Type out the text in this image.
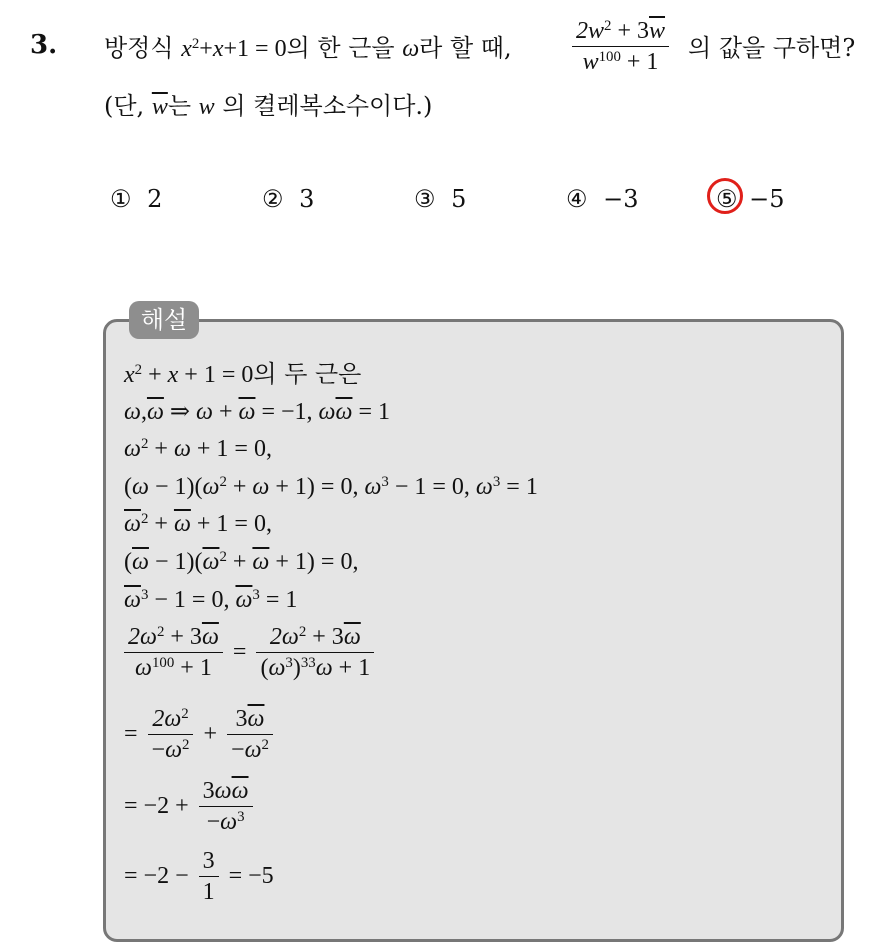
3. 방정식 $x^2+x+1 = 0$의 한 근을 ω라 할 때,	$\frac{2w^2 + 3\overline{w}}{w^{100} + 1}$ 의 값을 구하면?
(단, $\overline{w}$는 w 의 켤레복소수이다.)
① 2	② 3	③ 5	④ −3	⑤ −5
해설
$x^2 + x + 1 = 0$의 두 근은
$\omega,\overline{\omega}$ ⇒ $\omega + \overline{\omega} = -1$, $\omega\overline{\omega} = 1$
$\omega^2 + \omega + 1 = 0$,
$(\omega - 1)(\omega^2 + \omega + 1) = 0$, $\omega^3 - 1 = 0$, $\omega^3 = 1$
$\overline{\omega}^2 + \overline{\omega} + 1 = 0$,
$(\overline{\omega} - 1)(\overline{\omega}^2 + \overline{\omega} + 1) = 0$,
$\overline{\omega}^3 - 1 = 0$, $\overline{\omega}^3 = 1$
$\frac{2\omega^2 + 3\overline{\omega}}{\omega^{100} + 1} = \frac{2\omega^2 + 3\overline{\omega}}{(\omega^3)^{33}\omega + 1}$
= $\frac{2\omega^2}{-\omega^2} + \frac{3\overline{\omega}}{-\omega^2}$
= $-2 + \frac{3\omega\overline{\omega}}{-\omega^3}$
= $-2 - \frac{3}{1} = -5$
